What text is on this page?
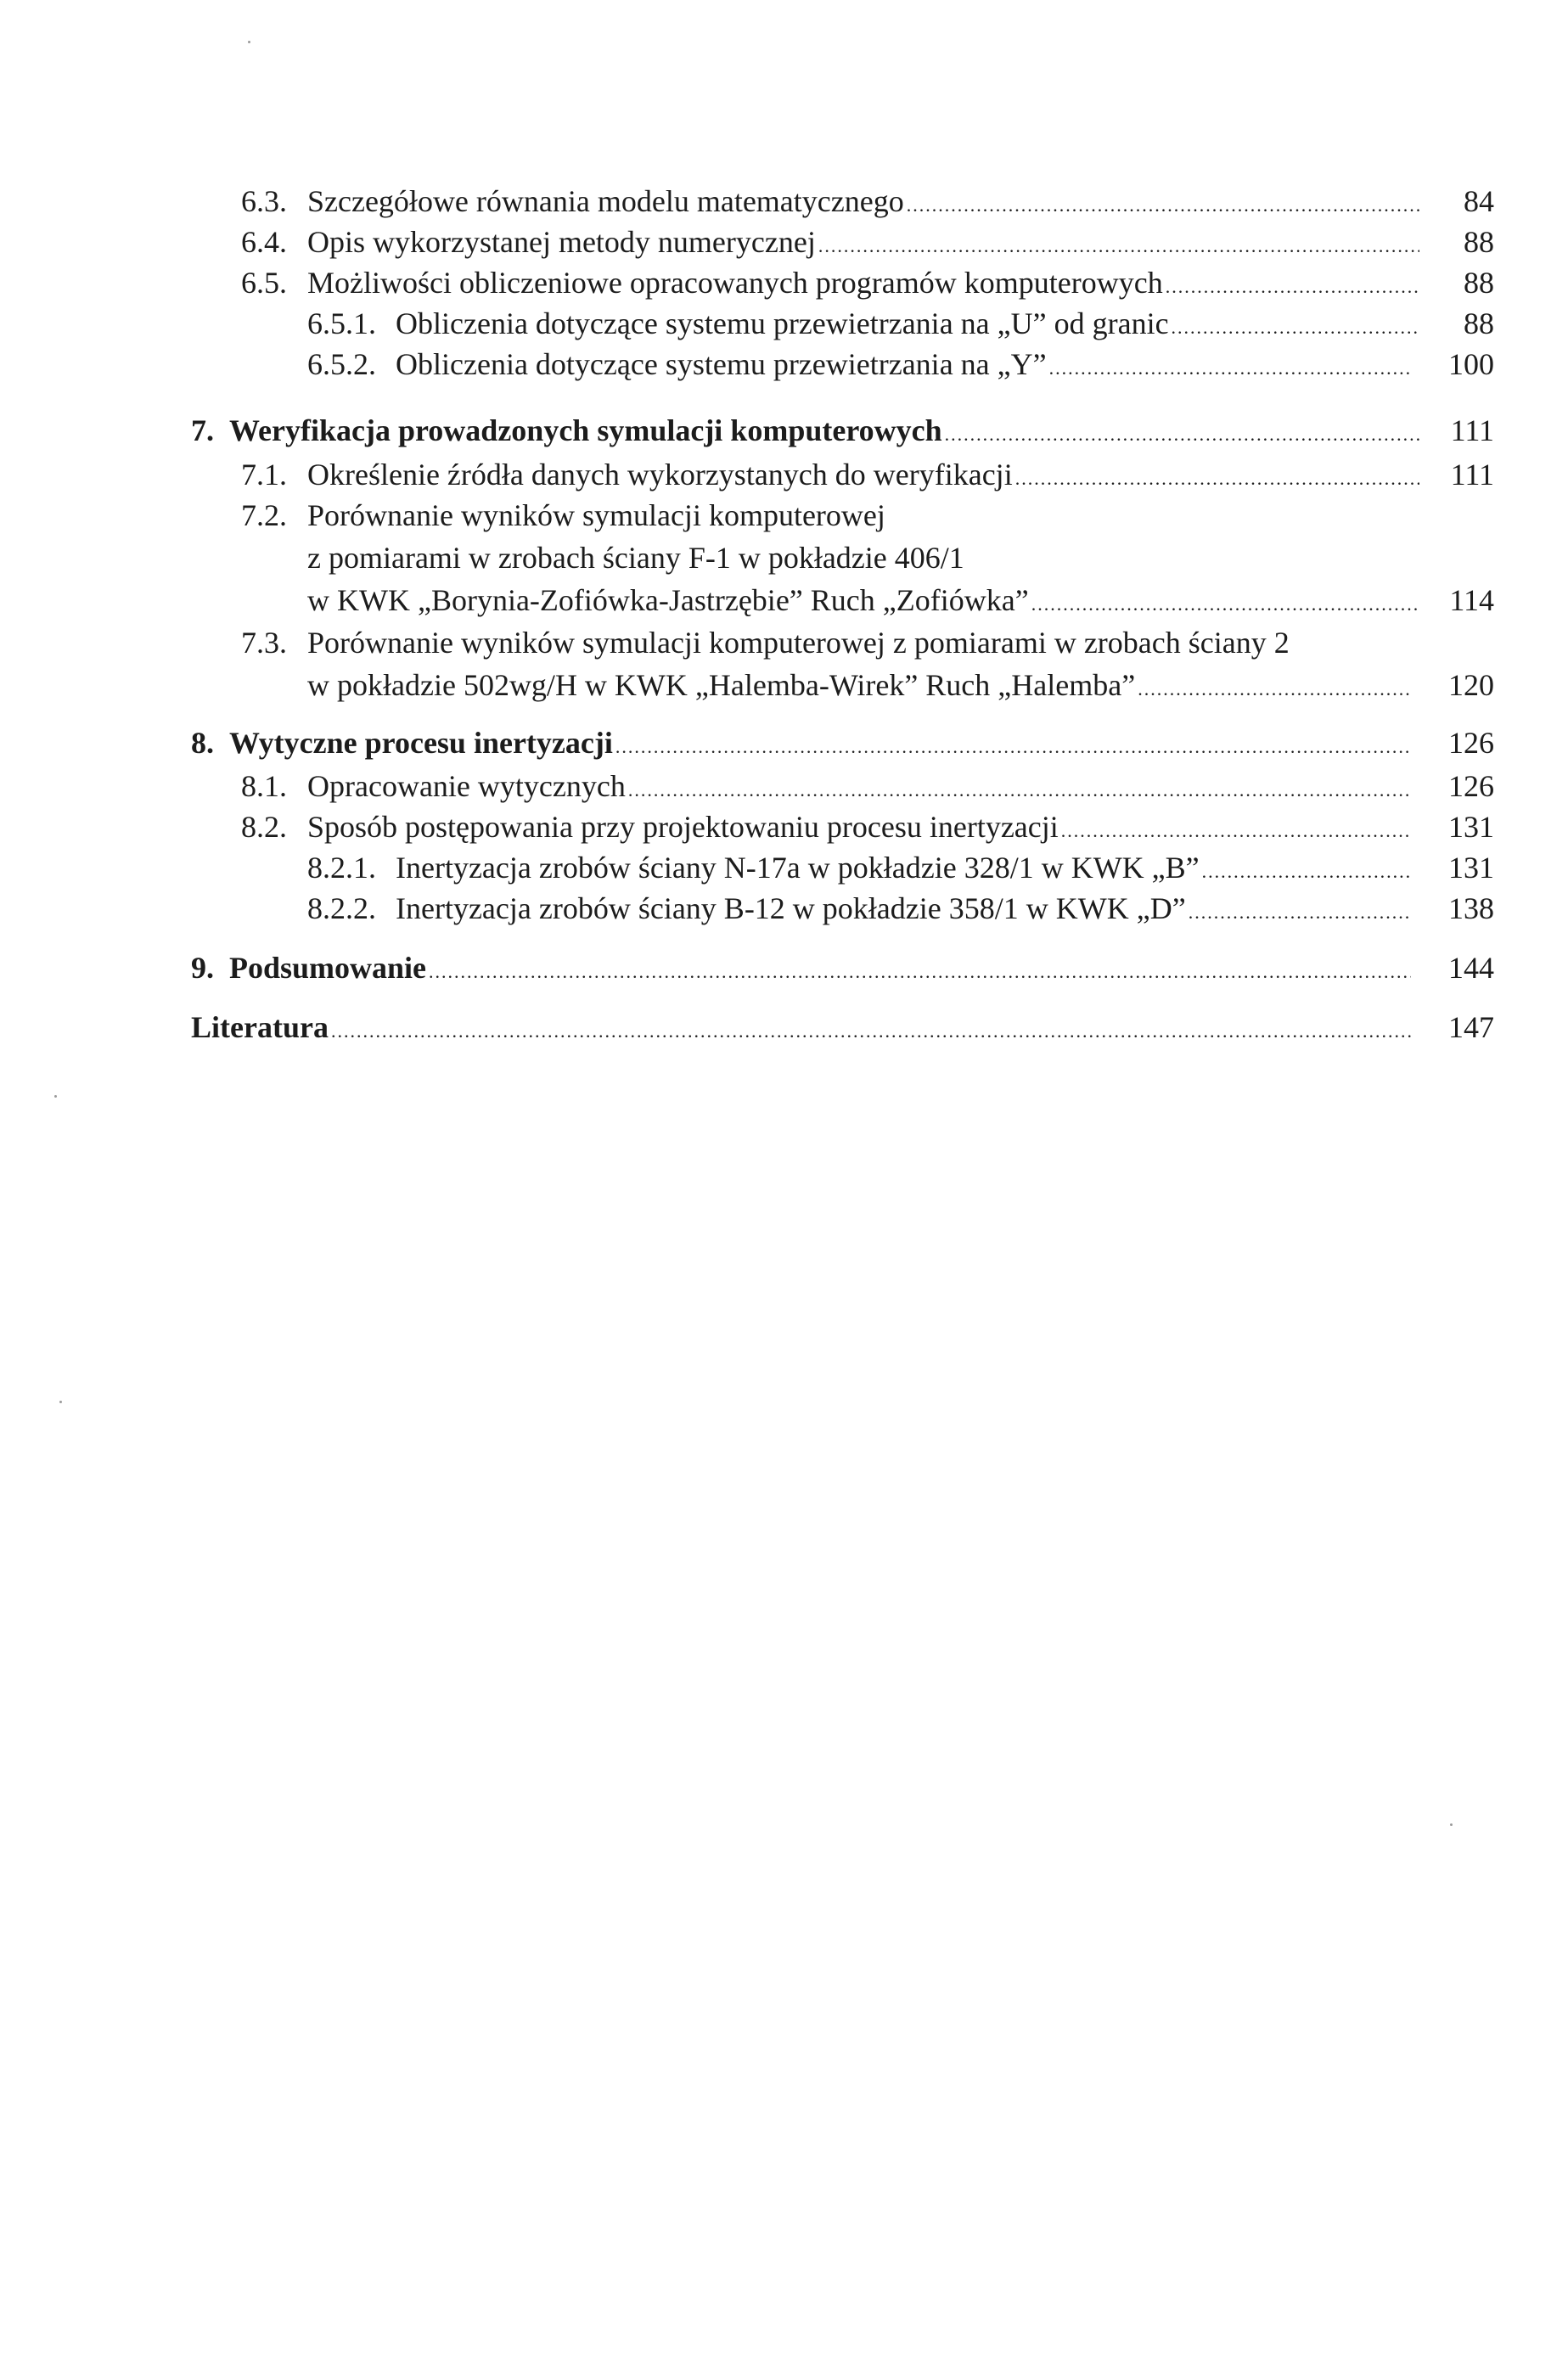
6.3. Szczegółowe równania modelu matematycznego .....	84
6.4. Opis wykorzystanej metody numerycznej .....	88
6.5. Możliwości obliczeniowe opracowanych programów komputerowych .....	88
6.5.1. Obliczenia dotyczące systemu przewietrzania na „U” od granic .....	88
6.5.2. Obliczenia dotyczące systemu przewietrzania na „Y” .....	100
7. Weryfikacja prowadzonych symulacji komputerowych .....	111
7.1. Określenie źródła danych wykorzystanych do weryfikacji .....	111
7.2. Porównanie wyników symulacji komputerowej
z pomiarami w zrobach ściany F-1 w pokładzie 406/1
w KWK „Borynia-Zofiówka-Jastrzębie” Ruch „Zofiówka” .....	114
7.3. Porównanie wyników symulacji komputerowej z pomiarami w zrobach ściany 2
w pokładzie 502wg/H w KWK „Halemba-Wirek” Ruch „Halemba” .....	120
8. Wytyczne procesu inertyzacji .....	126
8.1. Opracowanie wytycznych .....	126
8.2. Sposób postępowania przy projektowaniu procesu inertyzacji .....	131
8.2.1. Inertyzacja zrobów ściany N-17a w pokładzie 328/1 w KWK „B” .....	131
8.2.2. Inertyzacja zrobów ściany B-12 w pokładzie 358/1 w KWK „D” .....	138
9. Podsumowanie .....	144
Literatura .....	147
